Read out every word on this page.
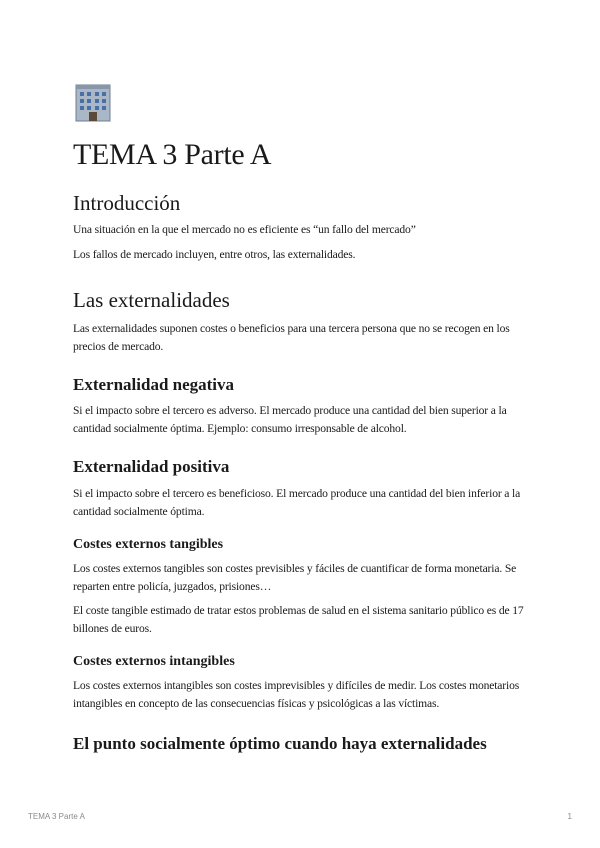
TEMA 3 Parte A
Introducción

Una situación en la que el mercado no es eficiente es “un fallo del mercado”

Los fallos de mercado incluyen, entre otros, las externalidades.

Las externalidades

Las externalidades suponen costes o beneficios para una tercera persona que no se recogen en los precios de mercado.

Externalidad negativa

Si el impacto sobre el tercero es adverso. El mercado produce una cantidad del bien superior a la cantidad socialmente óptima. Ejemplo: consumo irresponsable de alcohol.

Externalidad positiva

Si el impacto sobre el tercero es beneficioso. El mercado produce una cantidad del bien inferior a la cantidad socialmente óptima.

Costes externos tangibles

Los costes externos tangibles son costes previsibles y fáciles de cuantificar de forma monetaria. Se reparten entre policía, juzgados, prisiones…

El coste tangible estimado de tratar estos problemas de salud en el sistema sanitario público es de 17 billones de euros.

Costes externos intangibles

Los costes externos intangibles son costes imprevisibles y difíciles de medir. Los costes monetarios intangibles en concepto de las consecuencias físicas y psicológicas a las víctimas.

El punto socialmente óptimo cuando haya externalidades
TEMA 3 Parte A	1
